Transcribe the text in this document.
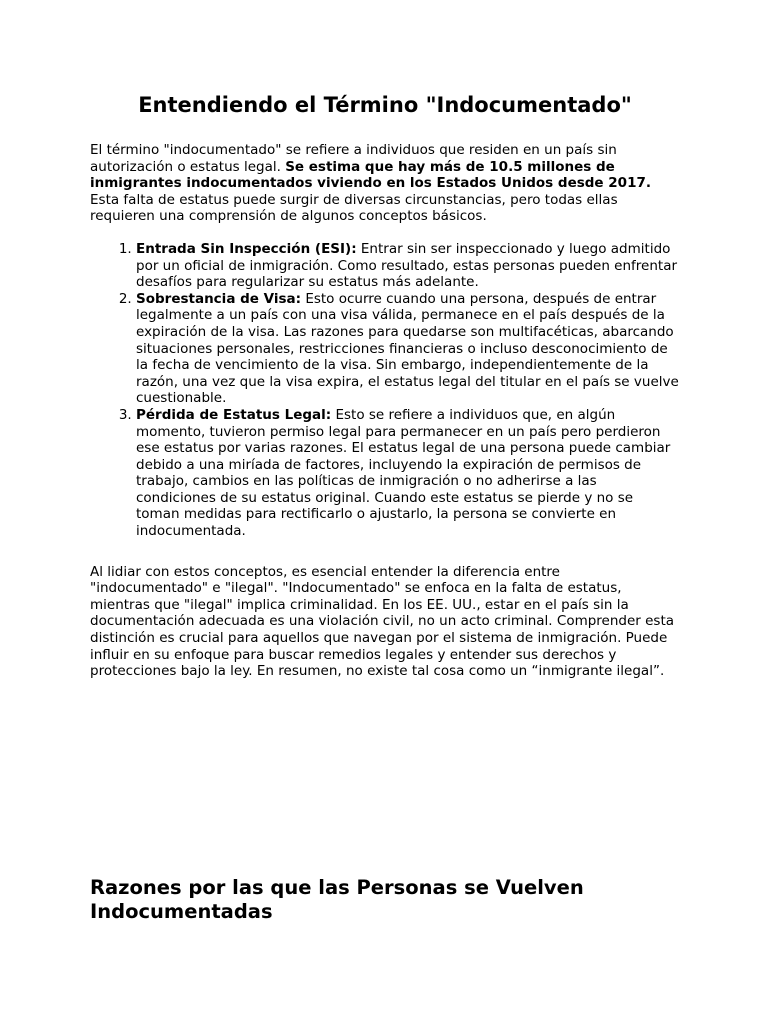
Entendiendo el Término "Indocumentado"

El término "indocumentado" se refiere a individuos que residen en un país sin autorización o estatus legal. Se estima que hay más de 10.5 millones de inmigrantes indocumentados viviendo en los Estados Unidos desde 2017. Esta falta de estatus puede surgir de diversas circunstancias, pero todas ellas requieren una comprensión de algunos conceptos básicos.

1. Entrada Sin Inspección (ESI): Entrar sin ser inspeccionado y luego admitido por un oficial de inmigración. Como resultado, estas personas pueden enfrentar desafíos para regularizar su estatus más adelante.
2. Sobrestancia de Visa: Esto ocurre cuando una persona, después de entrar legalmente a un país con una visa válida, permanece en el país después de la expiración de la visa. Las razones para quedarse son multifacéticas, abarcando situaciones personales, restricciones financieras o incluso desconocimiento de la fecha de vencimiento de la visa. Sin embargo, independientemente de la razón, una vez que la visa expira, el estatus legal del titular en el país se vuelve cuestionable.
3. Pérdida de Estatus Legal: Esto se refiere a individuos que, en algún momento, tuvieron permiso legal para permanecer en un país pero perdieron ese estatus por varias razones. El estatus legal de una persona puede cambiar debido a una miríada de factores, incluyendo la expiración de permisos de trabajo, cambios en las políticas de inmigración o no adherirse a las condiciones de su estatus original. Cuando este estatus se pierde y no se toman medidas para rectificarlo o ajustarlo, la persona se convierte en indocumentada.

Al lidiar con estos conceptos, es esencial entender la diferencia entre "indocumentado" e "ilegal". "Indocumentado" se enfoca en la falta de estatus, mientras que "ilegal" implica criminalidad. En los EE. UU., estar en el país sin la documentación adecuada es una violación civil, no un acto criminal. Comprender esta distinción es crucial para aquellos que navegan por el sistema de inmigración. Puede influir en su enfoque para buscar remedios legales y entender sus derechos y protecciones bajo la ley. En resumen, no existe tal cosa como un “inmigrante ilegal”.

Razones por las que las Personas se Vuelven Indocumentadas
